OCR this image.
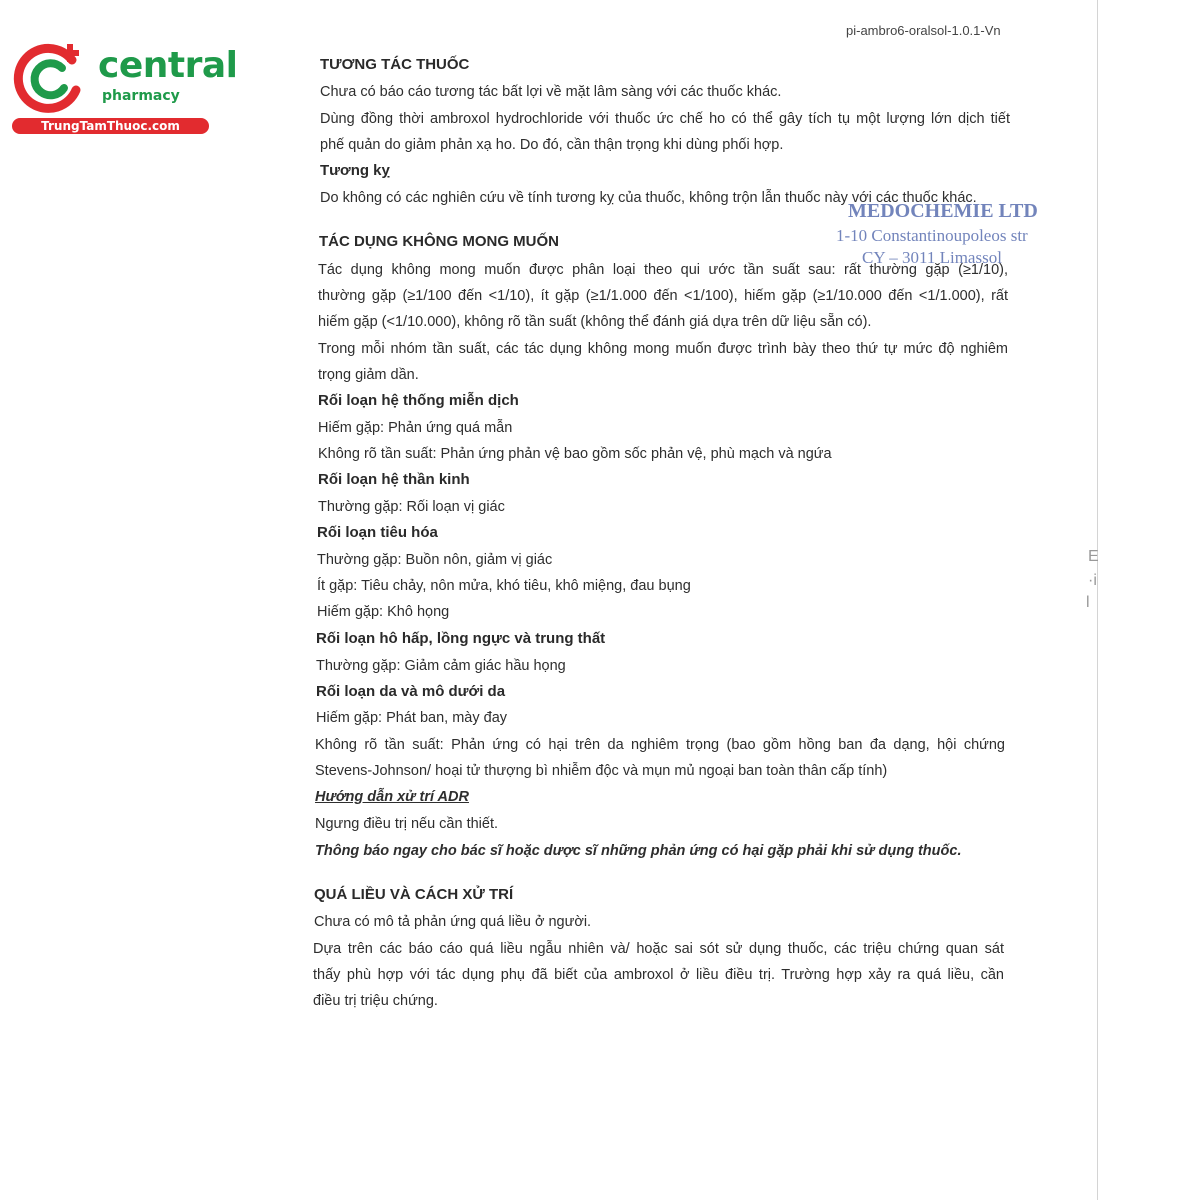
pi-ambro6-oralsol-1.0.1-Vn
central
pharmacy
TrungTamThuoc.com
MEDOCHEMIE LTD
1-10 Constantinoupoleos str
CY – 3011 Limassol
E
·i
l
TƯƠNG TÁC THUỐC
Chưa có báo cáo tương tác bất lợi về mặt lâm sàng với các thuốc khác.
Dùng đồng thời ambroxol hydrochloride với thuốc ức chế ho có thể gây tích tụ một lượng lớn dịch tiết
phế quản do giảm phản xạ ho. Do đó, cần thận trọng khi dùng phối hợp.
Tương kỵ
Do không có các nghiên cứu về tính tương kỵ của thuốc, không trộn lẫn thuốc này với các thuốc khác.
TÁC DỤNG KHÔNG MONG MUỐN
Tác dụng không mong muốn được phân loại theo qui ước tần suất sau: rất thường gặp (≥1/10),
thường gặp (≥1/100 đến <1/10), ít gặp (≥1/1.000 đến <1/100), hiếm gặp (≥1/10.000 đến <1/1.000), rất
hiếm gặp (<1/10.000), không rõ tần suất (không thể đánh giá dựa trên dữ liệu sẵn có).
Trong mỗi nhóm tần suất, các tác dụng không mong muốn được trình bày theo thứ tự mức độ nghiêm
trọng giảm dần.
Rối loạn hệ thống miễn dịch
Hiếm gặp: Phản ứng quá mẫn
Không rõ tần suất: Phản ứng phản vệ bao gồm sốc phản vệ, phù mạch và ngứa
Rối loạn hệ thần kinh
Thường gặp: Rối loạn vị giác
Rối loạn tiêu hóa
Thường gặp: Buồn nôn, giảm vị giác
Ít gặp: Tiêu chảy, nôn mửa, khó tiêu, khô miệng, đau bụng
Hiếm gặp: Khô họng
Rối loạn hô hấp, lồng ngực và trung thất
Thường gặp: Giảm cảm giác hầu họng
Rối loạn da và mô dưới da
Hiếm gặp: Phát ban, mày đay
Không rõ tần suất: Phản ứng có hại trên da nghiêm trọng (bao gồm hồng ban đa dạng, hội chứng
Stevens-Johnson/ hoại tử thượng bì nhiễm độc và mụn mủ ngoại ban toàn thân cấp tính)
Hướng dẫn xử trí ADR
Ngưng điều trị nếu cần thiết.
Thông báo ngay cho bác sĩ hoặc dược sĩ những phản ứng có hại gặp phải khi sử dụng thuốc.
QUÁ LIỀU VÀ CÁCH XỬ TRÍ
Chưa có mô tả phản ứng quá liều ở người.
Dựa trên các báo cáo quá liều ngẫu nhiên và/ hoặc sai sót sử dụng thuốc, các triệu chứng quan sát
thấy phù hợp với tác dụng phụ đã biết của ambroxol ở liều điều trị. Trường hợp xảy ra quá liều, cần
điều trị triệu chứng.
